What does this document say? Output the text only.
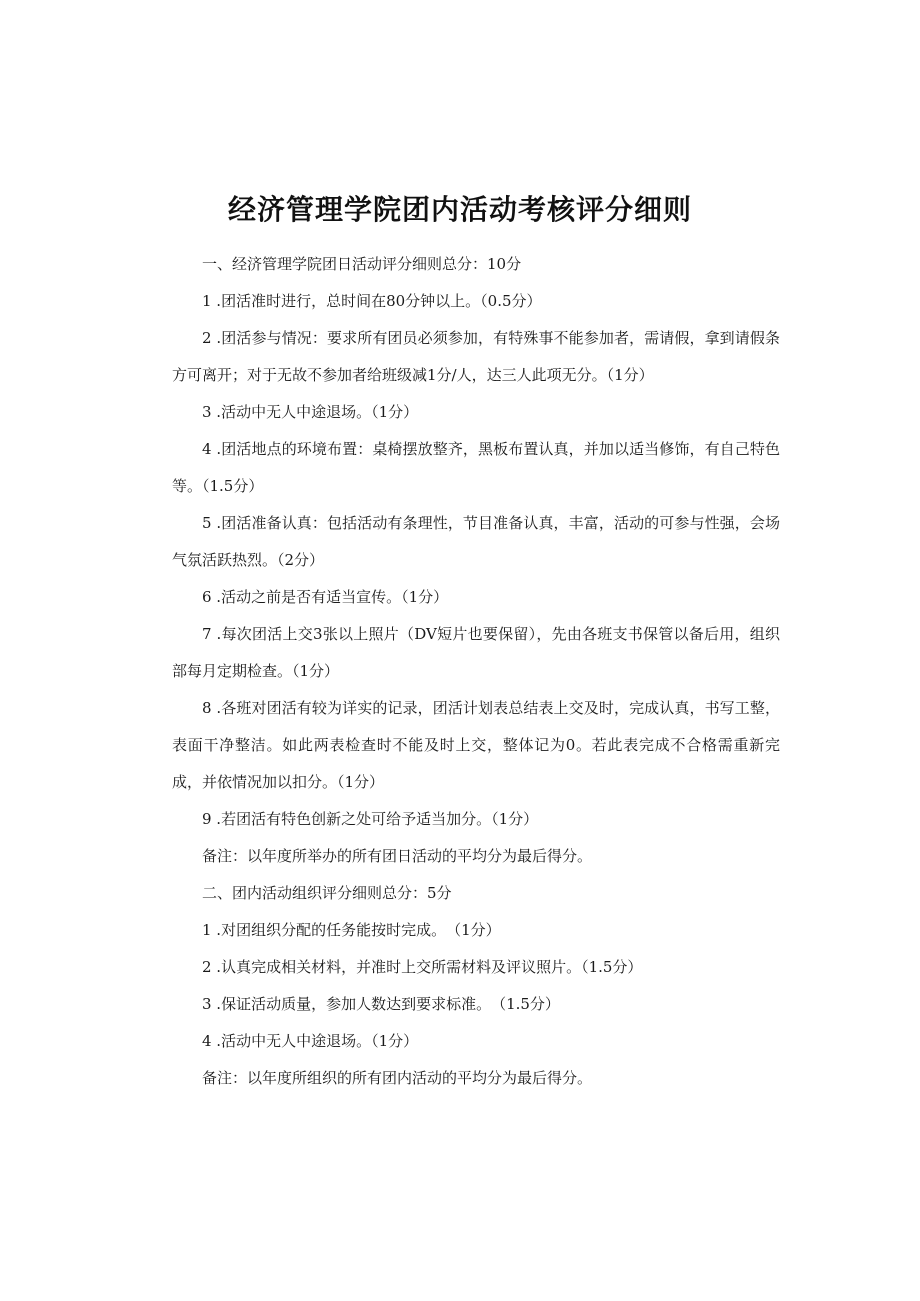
经济管理学院团内活动考核评分细则

一、经济管理学院团日活动评分细则总分：10分

1 .团活准时进行，总时间在80分钟以上。（0.5分）

2 .团活参与情况：要求所有团员必须参加，有特殊事不能参加者，需请假，拿到请假条方可离开；对于无故不参加者给班级减1分/人，达三人此项无分。（1分）

3 .活动中无人中途退场。（1分）

4 .团活地点的环境布置：桌椅摆放整齐，黑板布置认真，并加以适当修饰，有自己特色等。（1.5分）

5 .团活准备认真：包括活动有条理性，节目准备认真，丰富，活动的可参与性强，会场气氛活跃热烈。（2分）

6 .活动之前是否有适当宣传。（1分）

7 .每次团活上交3张以上照片（DV短片也要保留），先由各班支书保管以备后用，组织部每月定期检查。（1分）

8 .各班对团活有较为详实的记录，团活计划表总结表上交及时，完成认真，书写工整，表面干净整洁。如此两表检查时不能及时上交，整体记为0。若此表完成不合格需重新完成，并依情况加以扣分。（1分）

9 .若团活有特色创新之处可给予适当加分。（1分）

备注：以年度所举办的所有团日活动的平均分为最后得分。

二、团内活动组织评分细则总分：5分

1 .对团组织分配的任务能按时完成。　（1分）

2 .认真完成相关材料，并准时上交所需材料及评议照片。（1.5分）

3 .保证活动质量，参加人数达到要求标准。　（1.5分）

4 .活动中无人中途退场。（1分）

备注：以年度所组织的所有团内活动的平均分为最后得分。
